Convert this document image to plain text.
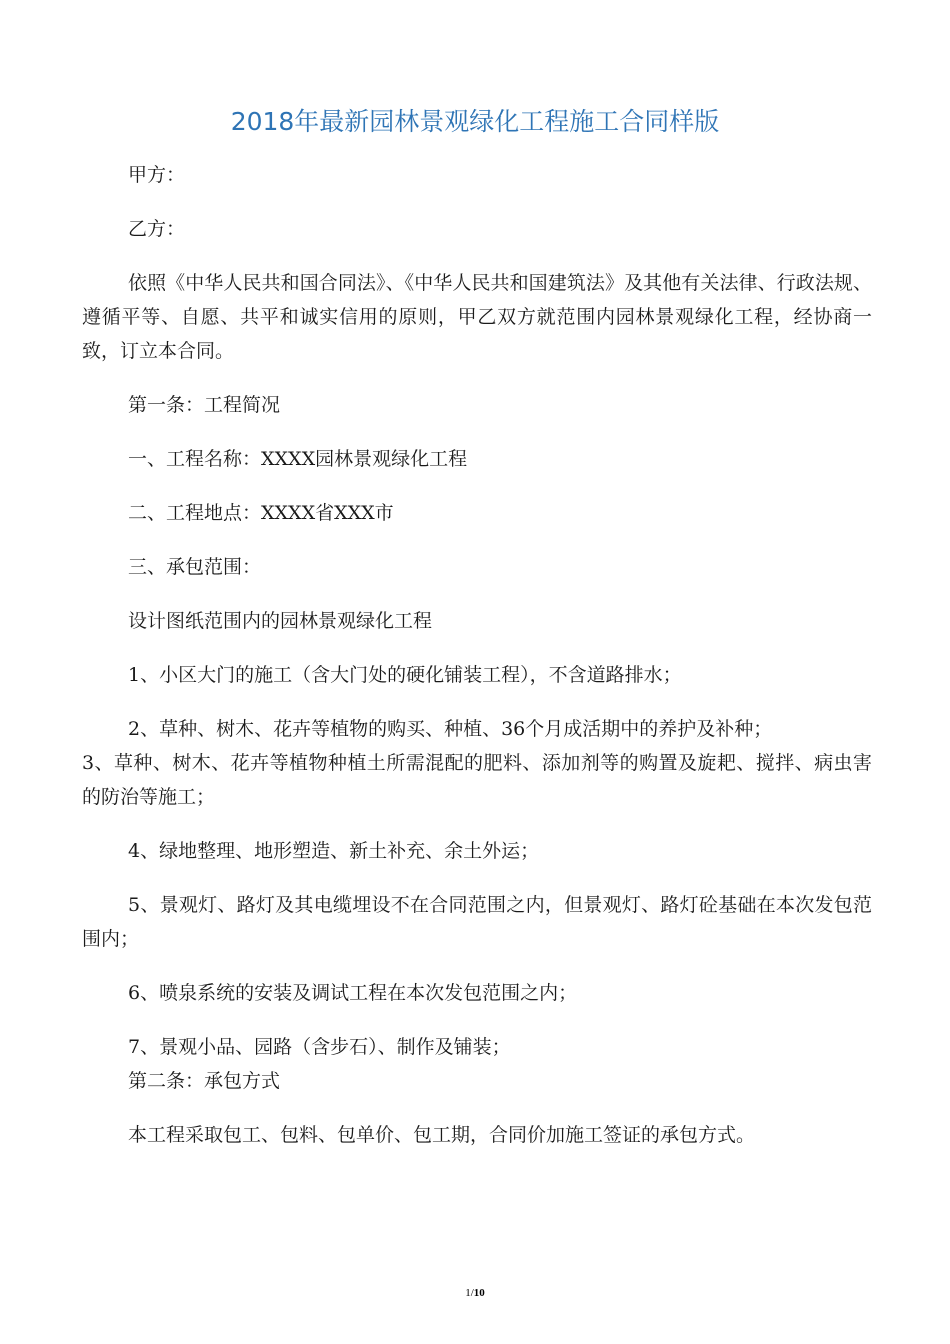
2018年最新园林景观绿化工程施工合同样版

甲方：

乙方：

依照《中华人民共和国合同法》、《中华人民共和国建筑法》及其他有关法律、行政法规、遵循平等、自愿、共平和诚实信用的原则，甲乙双方就范围内园林景观绿化工程，经协商一致，订立本合同。

第一条：工程简况

一、工程名称：XXXX园林景观绿化工程

二、工程地点：XXXX省XXX市

三、承包范围：

设计图纸范围内的园林景观绿化工程

1、小区大门的施工（含大门处的硬化铺装工程），不含道路排水；

2、草种、树木、花卉等植物的购买、种植、36个月成活期中的养护及补种；

3、草种、树木、花卉等植物种植土所需混配的肥料、添加剂等的购置及旋耙、搅拌、病虫害的防治等施工；

4、绿地整理、地形塑造、新土补充、余土外运；

5、景观灯、路灯及其电缆埋设不在合同范围之内，但景观灯、路灯砼基础在本次发包范围内；

6、喷泉系统的安装及调试工程在本次发包范围之内；

7、景观小品、园路（含步石）、制作及铺装；

第二条：承包方式

本工程采取包工、包料、包单价、包工期，合同价加施工签证的承包方式。

1/10
